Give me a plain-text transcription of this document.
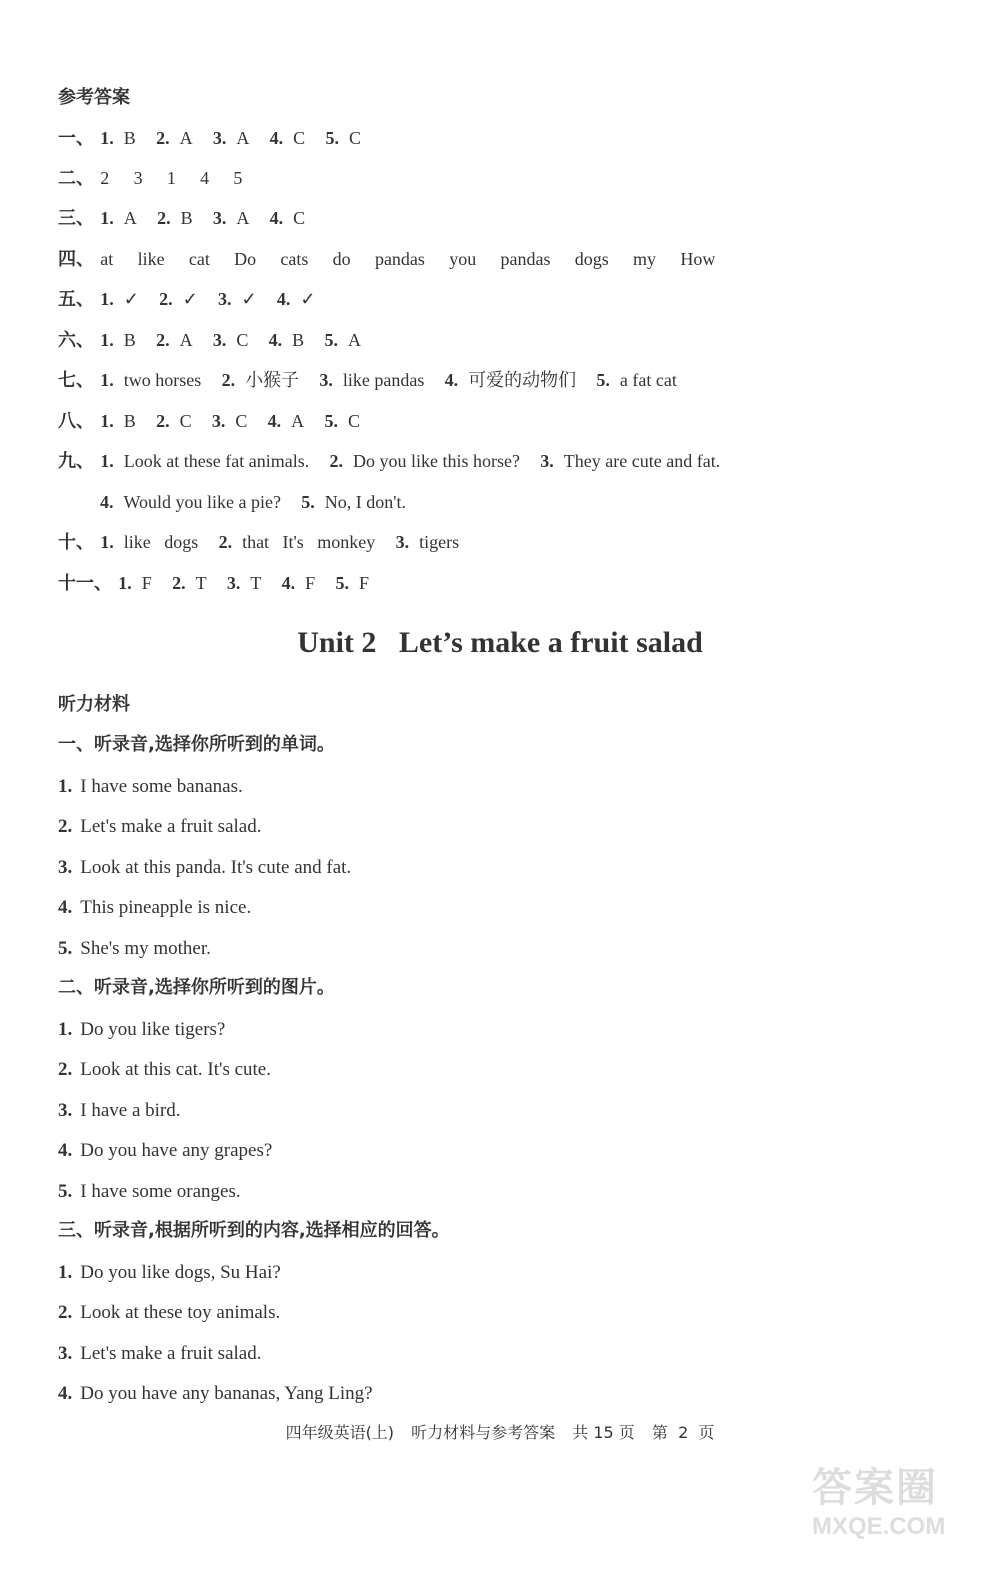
参考答案
一、 1. B 2. A 3. A 4. C 5. C
二、 2 3 1 4 5
三、 1. A 2. B 3. A 4. C
四、 at like cat Do cats do pandas you pandas dogs my How
五、 1. ✓ 2. ✓ 3. ✓ 4. ✓
六、 1. B 2. A 3. C 4. B 5. A
七、 1. two horses 2. 小猴子 3. like pandas 4. 可爱的动物们 5. a fat cat
八、 1. B 2. C 3. C 4. A 5. C
九、 1. Look at these fat animals. 2. Do you like this horse? 3. They are cute and fat.
4. Would you like a pie? 5. No, I don't.
十、 1. like   dogs 2. that   It's   monkey 3. tigers
十一、 1. F 2. T 3. T 4. F 5. F
Unit 2   Let’s make a fruit salad
听力材料
一、听录音,选择你所听到的单词。
1. I have some bananas.
2. Let's make a fruit salad.
3. Look at this panda. It's cute and fat.
4. This pineapple is nice.
5. She's my mother.
二、听录音,选择你所听到的图片。
1. Do you like tigers?
2. Look at this cat. It's cute.
3. I have a bird.
4. Do you have any grapes?
5. I have some oranges.
三、听录音,根据所听到的内容,选择相应的回答。
1. Do you like dogs, Su Hai?
2. Look at these toy animals.
3. Let's make a fruit salad.
4. Do you have any bananas, Yang Ling?
四年级英语(上) 听力材料与参考答案 共 15 页 第  2  页
答案圈
MXQE.COM
